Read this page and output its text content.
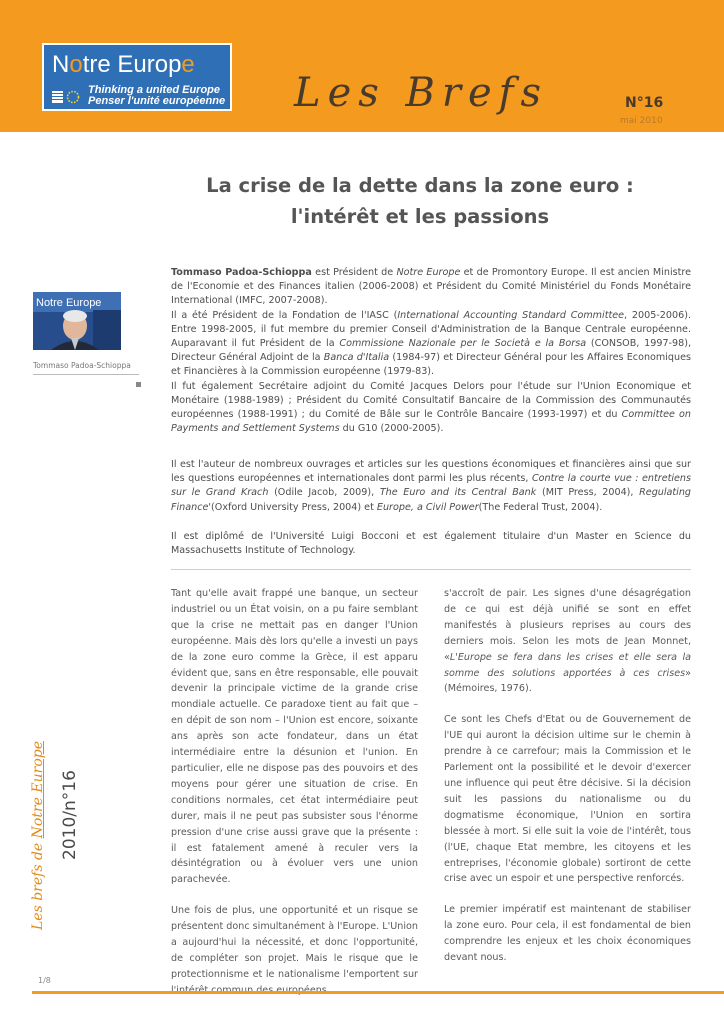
Notre Europe
Thinking a united Europe
Penser l'unité européenne Les Brefs	N°16
mai 2010
La crise de la dette dans la zone euro :
l'intérêt et les passions
Notre Europe
Tommaso Padoa-Schioppa

Tommaso Padoa-Schioppa est Président de Notre Europe et de Promontory Europe. Il est ancien Ministre de l'Economie et des Finances italien (2006-2008) et Président du Comité Ministériel du Fonds Monétaire International (IMFC, 2007-2008).

Il a été Président de la Fondation de l'IASC (International Accounting Standard Committee, 2005-2006). Entre 1998-2005, il fut membre du premier Conseil d'Administration de la Banque Centrale européenne. Auparavant il fut Président de la Commissione Nazionale per le Società e la Borsa (CONSOB, 1997-98), Directeur Général Adjoint de la Banca d'Italia (1984-97) et Directeur Général pour les Affaires Economiques et Financières à la Commission européenne (1979-83).

Il fut également Secrétaire adjoint du Comité Jacques Delors pour l'étude sur l'Union Economique et Monétaire (1988-1989) ; Président du Comité Consultatif Bancaire de la Commission des Communautés européennes (1988-1991) ; du Comité de Bâle sur le Contrôle Bancaire (1993-1997) et du Committee on Payments and Settlement Systems du G10 (2000-2005).

Il est l'auteur de nombreux ouvrages et articles sur les questions économiques et financières ainsi que sur les questions européennes et internationales dont parmi les plus récents, Contre la courte vue : entretiens sur le Grand Krach (Odile Jacob, 2009), The Euro and its Central Bank (MIT Press, 2004), Regulating Finance'(Oxford University Press, 2004) et Europe, a Civil Power(The Federal Trust, 2004).

Il est diplômé de l'Université Luigi Bocconi et est également titulaire d'un Master en Science du Massachusetts Institute of Technology.

Tant qu'elle avait frappé une banque, un secteur industriel ou un État voisin, on a pu faire semblant que la crise ne mettait pas en danger l'Union européenne. Mais dès lors qu'elle a investi un pays de la zone euro comme la Grèce, il est apparu évident que, sans en être responsable, elle pouvait devenir la principale victime de la grande crise mondiale actuelle. Ce paradoxe tient au fait que – en dépit de son nom – l'Union est encore, soixante ans après son acte fondateur, dans un état intermédiaire entre la désunion et l'union. En particulier, elle ne dispose pas des pouvoirs et des moyens pour gérer une situation de crise. En conditions normales, cet état intermédiaire peut durer, mais il ne peut pas subsister sous l'énorme pression d'une crise aussi grave que la présente : il est fatalement amené à reculer vers la désintégration ou à évoluer vers une union parachevée.

Une fois de plus, une opportunité et un risque se présentent donc simultanément à l'Europe. L'Union a aujourd'hui la nécessité, et donc l'opportunité, de compléter son projet. Mais le risque que le protectionnisme et le nationalisme l'emportent sur

s'accroît de pair. Les signes d'une désagrégation de ce qui est déjà unifié se sont en effet manifestés à plusieurs reprises au cours des derniers mois. Selon les mots de Jean Monnet, «L'Europe se fera dans les crises et elle sera la somme des solutions apportées à ces crises» (Mémoires, 1976).

Ce sont les Chefs d'Etat ou de Gouvernement de l'UE qui auront la décision ultime sur le chemin à prendre à ce carrefour; mais la Commission et le Parlement ont la possibilité et le devoir d'exercer une influence qui peut être décisive. Si la décision suit les passions du nationalisme ou du dogmatisme économique, l'Union en sortira blessée à mort. Si elle suit la voie de l'intérêt, tous (l'UE, chaque Etat membre, les citoyens et les entreprises, l'économie globale) sortiront de cette crise avec un espoir et une perspective renforcés.

Le premier impératif est maintenant de stabiliser la zone euro. Pour cela, il est fondamental de bien comprendre les enjeux et les choix économiques devant nous.

Les brefs de Notre Europe 2010/n°16
1/8
